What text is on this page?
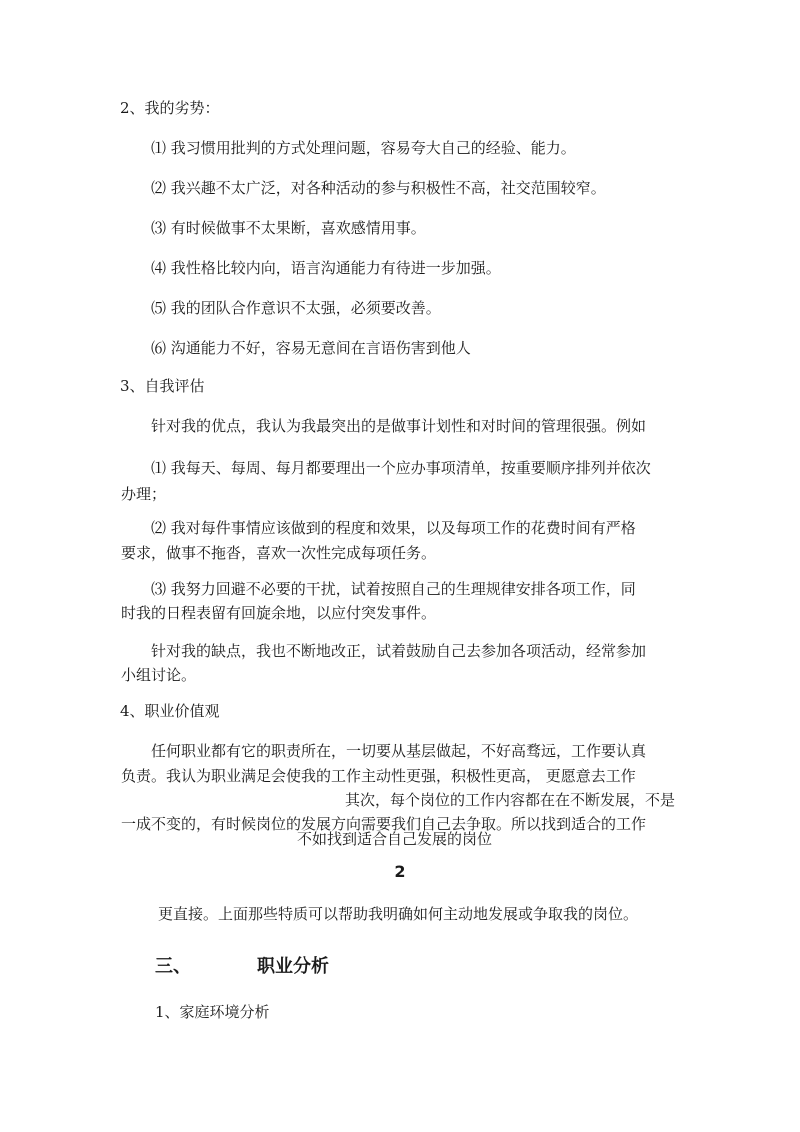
2、我的劣势：
⑴ 我习惯用批判的方式处理问题，容易夸大自己的经验、能力。
⑵ 我兴趣不太广泛，对各种活动的参与积极性不高，社交范围较窄。
⑶ 有时候做事不太果断，喜欢感情用事。
⑷ 我性格比较内向，语言沟通能力有待进一步加强。
⑸ 我的团队合作意识不太强，必须要改善。
⑹ 沟通能力不好，容易无意间在言语伤害到他人
3、自我评估
针对我的优点，我认为我最突出的是做事计划性和对时间的管理很强。例如
⑴ 我每天、每周、每月都要理出一个应办事项清单，按重要顺序排列并依次
办理；
⑵ 我对每件事情应该做到的程度和效果，以及每项工作的花费时间有严格
要求，做事不拖沓，喜欢一次性完成每项任务。
⑶ 我努力回避不必要的干扰，试着按照自己的生理规律安排各项工作，同
时我的日程表留有回旋余地，以应付突发事件。
针对我的缺点，我也不断地改正，试着鼓励自己去参加各项活动，经常参加
小组讨论。
4、职业价值观
任何职业都有它的职责所在，一切要从基层做起，不好高骛远，工作要认真
负责。我认为职业满足会使我的工作主动性更强，积极性更高， 更愿意去工作
其次，每个岗位的工作内容都在在不断发展，不是
一成不变的，有时候岗位的发展方向需要我们自己去争取。所以找到适合的工作
不如找到适合自己发展的岗位
2
更直接。上面那些特质可以帮助我明确如何主动地发展或争取我的岗位。
三、	职业分析
1、家庭环境分析
